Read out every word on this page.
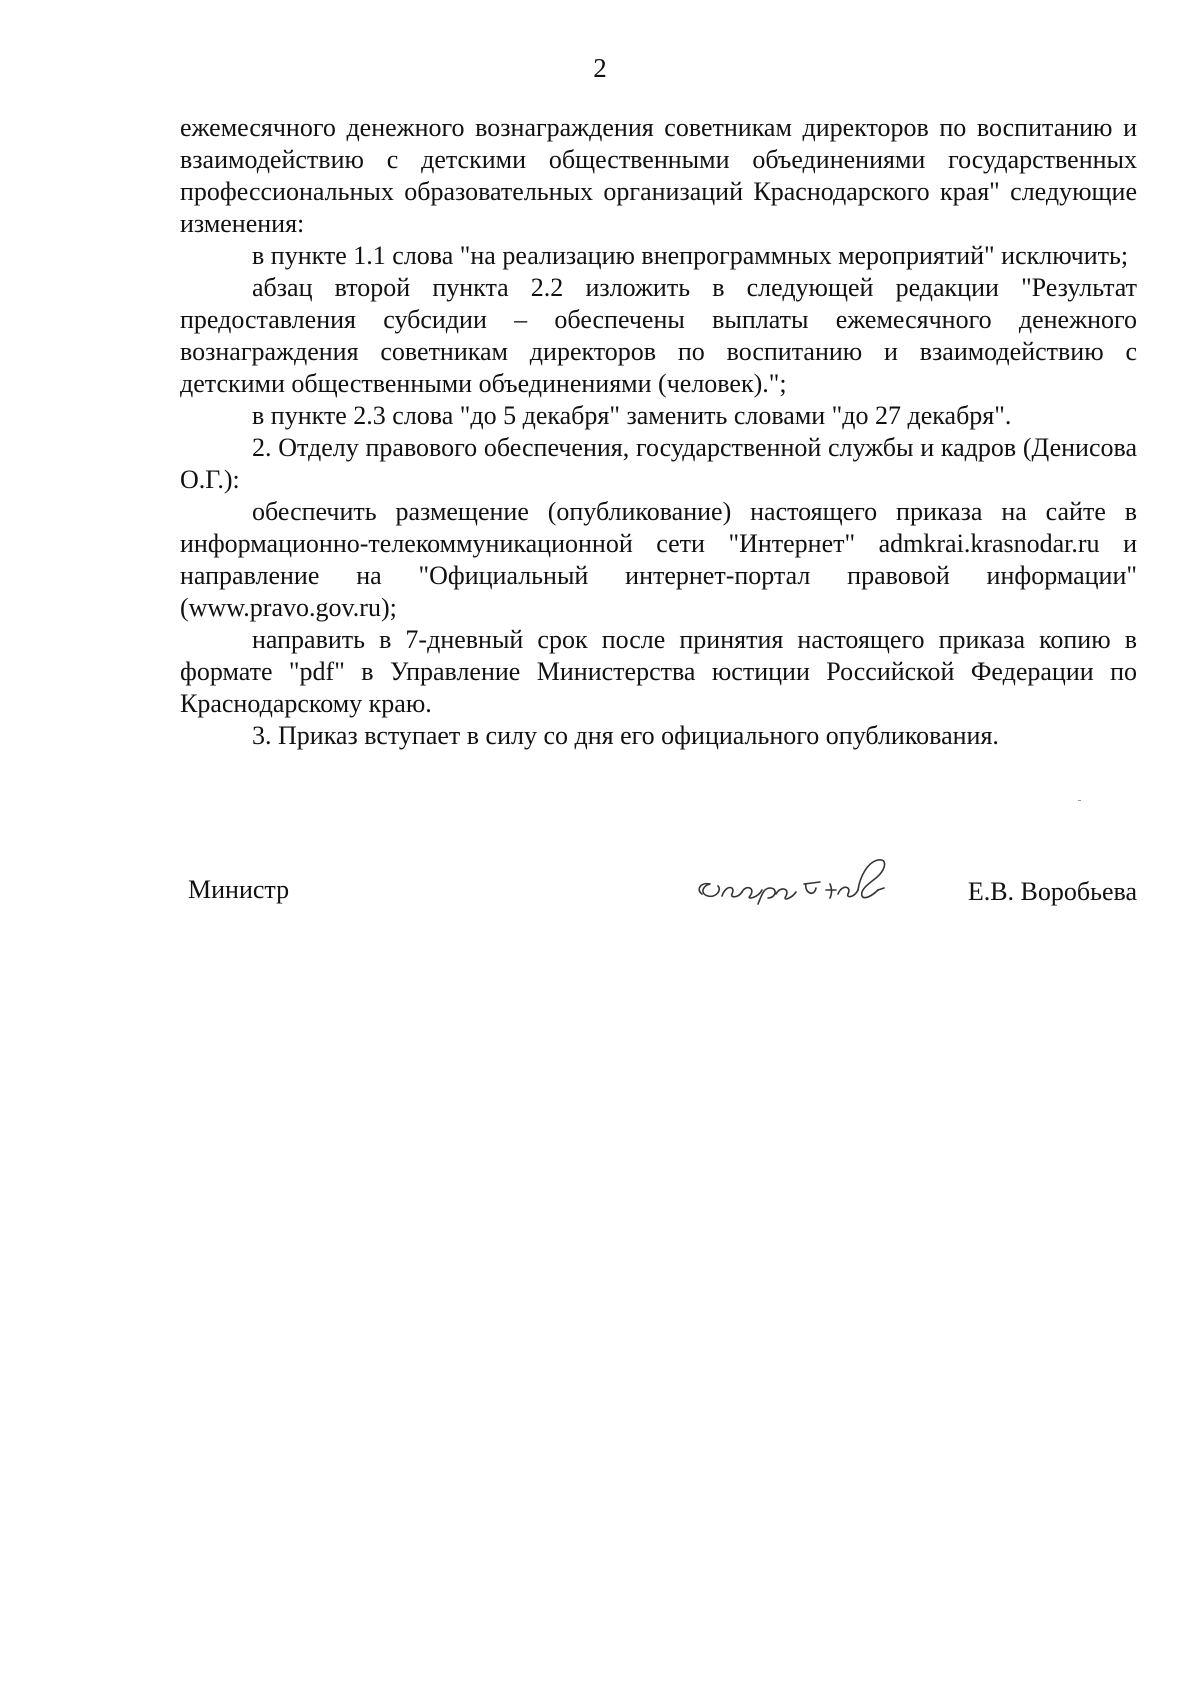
2

ежемесячного денежного вознаграждения советникам директоров по воспитанию и взаимодействию с детскими общественными объединениями государственных профессиональных образовательных организаций Краснодарского края" следующие изменения:

в пункте 1.1 слова "на реализацию внепрограммных мероприятий" исключить;

абзац второй пункта 2.2 изложить в следующей редакции "Результат предоставления субсидии – обеспечены выплаты ежемесячного денежного вознаграждения советникам директоров по воспитанию и взаимодействию с детскими общественными объединениями (человек).";

в пункте 2.3 слова "до 5 декабря" заменить словами "до 27 декабря".

2. Отделу правового обеспечения, государственной службы и кадров (Денисова О.Г.):

обеспечить размещение (опубликование) настоящего приказа на сайте в информационно-телекоммуникационной сети "Интернет" admkrai.krasnodar.ru и направление на "Официальный интернет-портал правовой информации" (www.pravo.gov.ru);

направить в 7-дневный срок после принятия настоящего приказа копию в формате "pdf" в Управление Министерства юстиции Российской Федерации по Краснодарскому краю.

3. Приказ вступает в силу со дня его официального опубликования.

Министр	Е.В. Воробьева
